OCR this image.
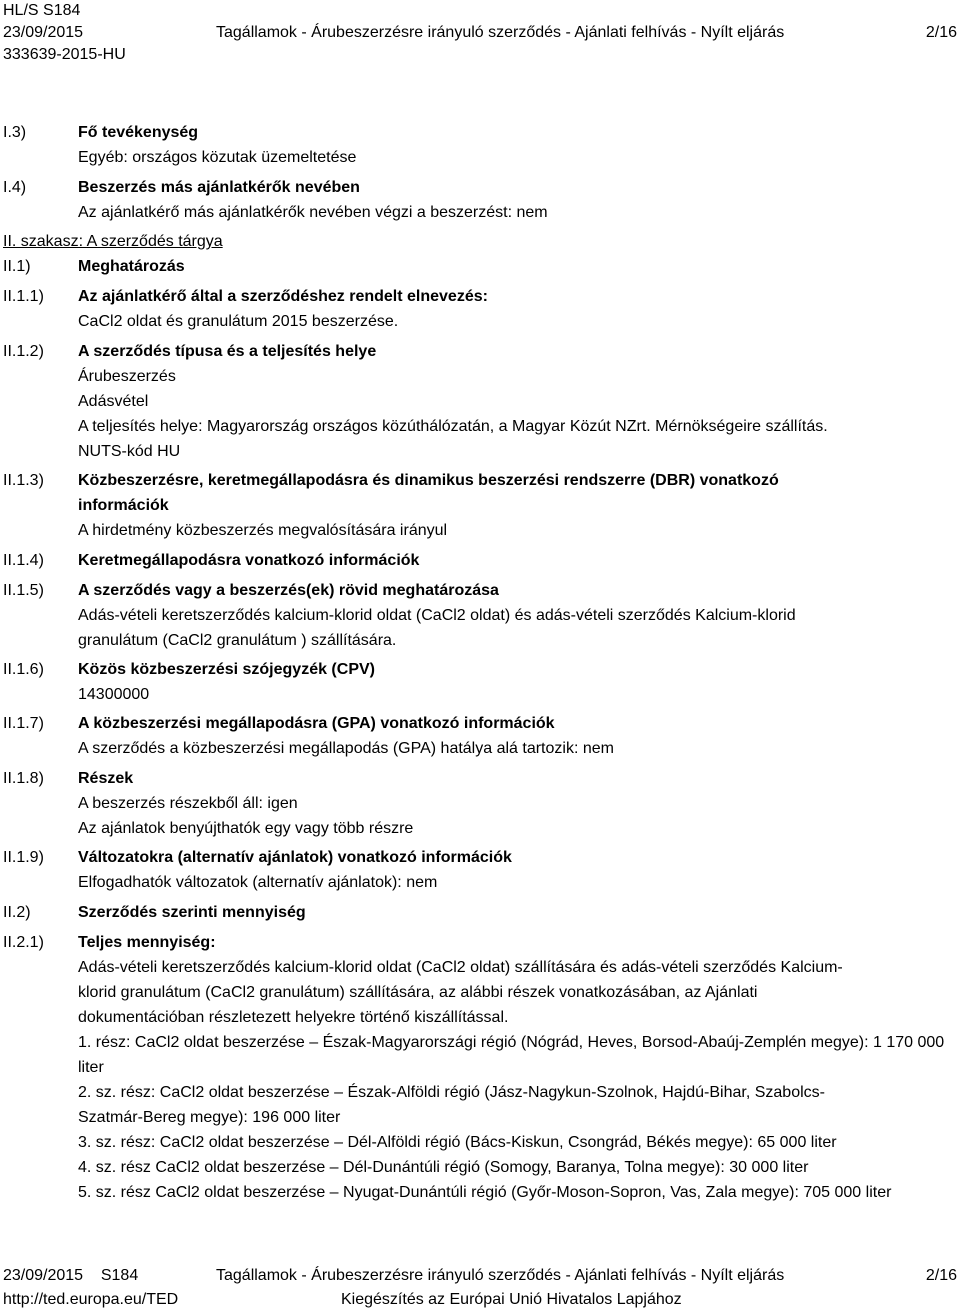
HL/S S184
23/09/2015
333639-2015-HU
Tagállamok - Árubeszerzésre irányuló szerződés - Ajánlati felhívás - Nyílt eljárás	2/16
I.3)	Fő tevékenység
Egyéb: országos közutak üzemeltetése
I.4)	Beszerzés más ajánlatkérők nevében
Az ajánlatkérő más ajánlatkérők nevében végzi a beszerzést: nem
II. szakasz: A szerződés tárgya
II.1)	Meghatározás
II.1.1) Az ajánlatkérő által a szerződéshez rendelt elnevezés:
CaCl2 oldat és granulátum 2015 beszerzése.
II.1.2) A szerződés típusa és a teljesítés helye
Árubeszerzés
Adásvétel
A teljesítés helye: Magyarország országos közúthálózatán, a Magyar Közút NZrt. Mérnökségeire szállítás.
NUTS-kód HU
II.1.3) Közbeszerzésre, keretmegállapodásra és dinamikus beszerzési rendszerre (DBR) vonatkozó információk
A hirdetmény közbeszerzés megvalósítására irányul
II.1.4) Keretmegállapodásra vonatkozó információk
II.1.5) A szerződés vagy a beszerzés(ek) rövid meghatározása
Adás-vételi keretszerződés kalcium-klorid oldat (CaCl2 oldat) és adás-vételi szerződés Kalcium-klorid granulátum (CaCl2 granulátum ) szállítására.
II.1.6) Közös közbeszerzési szójegyzék (CPV)
14300000
II.1.7) A közbeszerzési megállapodásra (GPA) vonatkozó információk
A szerződés a közbeszerzési megállapodás (GPA) hatálya alá tartozik: nem
II.1.8) Részek
A beszerzés részekből áll: igen
Az ajánlatok benyújthatók egy vagy több részre
II.1.9) Változatokra (alternatív ajánlatok) vonatkozó információk
Elfogadhatók változatok (alternatív ajánlatok): nem
II.2)	Szerződés szerinti mennyiség
II.2.1) Teljes mennyiség:
Adás-vételi keretszerződés kalcium-klorid oldat (CaCl2 oldat) szállítására és adás-vételi szerződés Kalcium-klorid granulátum (CaCl2 granulátum) szállítására, az alábbi részek vonatkozásában, az Ajánlati dokumentációban részletezett helyekre történő kiszállítással.
1. rész: CaCl2 oldat beszerzése – Észak-Magyarországi régió (Nógrád, Heves, Borsod-Abaúj-Zemplén megye): 1 170 000 liter
2. sz. rész: CaCl2 oldat beszerzése – Észak-Alföldi régió (Jász-Nagykun-Szolnok, Hajdú-Bihar, Szabolcs-Szatmár-Bereg megye): 196 000 liter
3. sz. rész: CaCl2 oldat beszerzése – Dél-Alföldi régió (Bács-Kiskun, Csongrád, Békés megye): 65 000 liter
4. sz. rész CaCl2 oldat beszerzése – Dél-Dunántúli régió (Somogy, Baranya, Tolna megye): 30 000 liter
5. sz. rész CaCl2 oldat beszerzése – Nyugat-Dunántúli régió (Győr-Moson-Sopron, Vas, Zala megye): 705 000 liter
23/09/2015 S184
http://ted.europa.eu/TED
Tagállamok - Árubeszerzésre irányuló szerződés - Ajánlati felhívás - Nyílt eljárás
Kiegészítés az Európai Unió Hivatalos Lapjához
2/16
